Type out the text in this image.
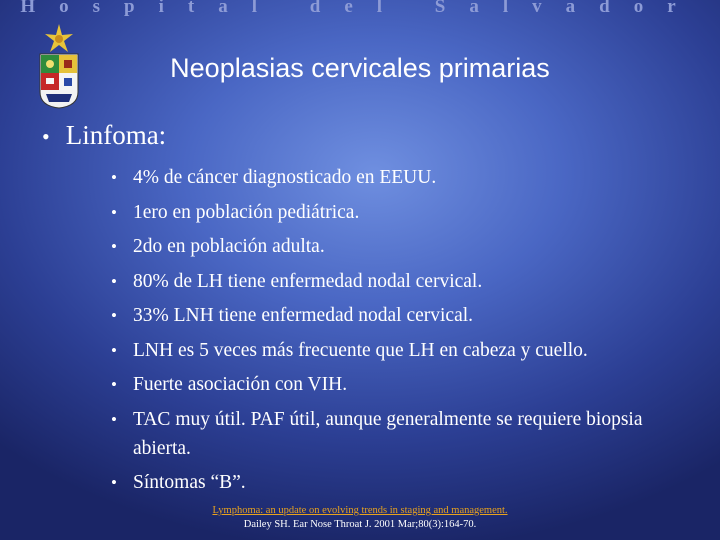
Hospital del Salvador
Neoplasias cervicales primarias
• Linfoma:
• 4% de cáncer diagnosticado en EEUU.
• 1ero en población pediátrica.
• 2do en población adulta.
• 80% de LH tiene enfermedad nodal cervical.
• 33% LNH tiene enfermedad nodal cervical.
• LNH es 5 veces más frecuente que LH en cabeza y cuello.
• Fuerte asociación con VIH.
• TAC muy útil. PAF útil, aunque generalmente se requiere biopsia abierta.
• Síntomas “B”.
Lymphoma: an update on evolving trends in staging and management.
Dailey SH. Ear Nose Throat J. 2001 Mar;80(3):164-70.
